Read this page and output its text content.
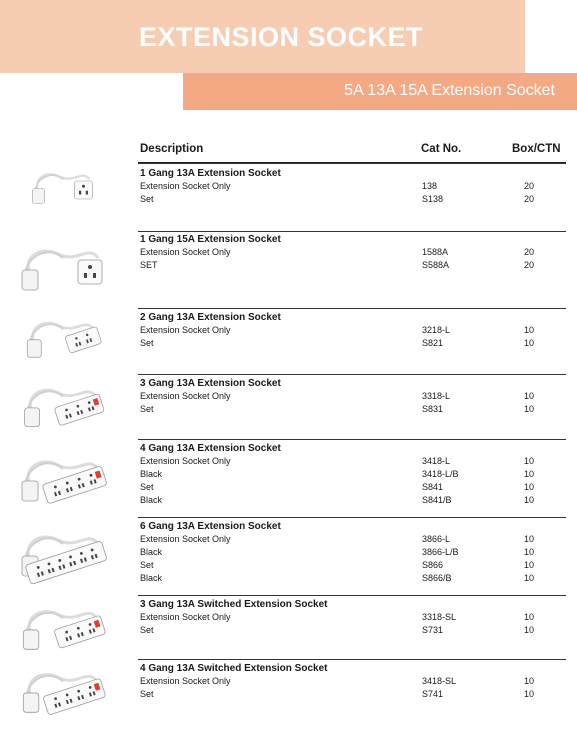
EXTENSION SOCKET
5A 13A 15A Extension Socket
Description	Cat No.	Box/CTN
1 Gang 13A Extension Socket
Extension Socket Only	138	20
Set	S138	20
1 Gang 15A Extension Socket
Extension Socket Only	1588A	20
SET	S588A	20
2 Gang 13A Extension Socket
Extension Socket Only	3218-L	10
Set	S821	10
3 Gang 13A Extension Socket
Extension Socket Only	3318-L	10
Set	S831	10
4 Gang 13A Extension Socket
Extension Socket Only	3418-L	10
Black	3418-L/B	10
Set	S841	10
Black	S841/B	10
6 Gang 13A Extension Socket
Extension Socket Only	3866-L	10
Black	3866-L/B	10
Set	S866	10
Black	S866/B	10
3 Gang 13A Switched Extension Socket
Extension Socket Only	3318-SL	10
Set	S731	10
4 Gang 13A Switched Extension Socket
Extension Socket Only	3418-SL	10
Set	S741	10
